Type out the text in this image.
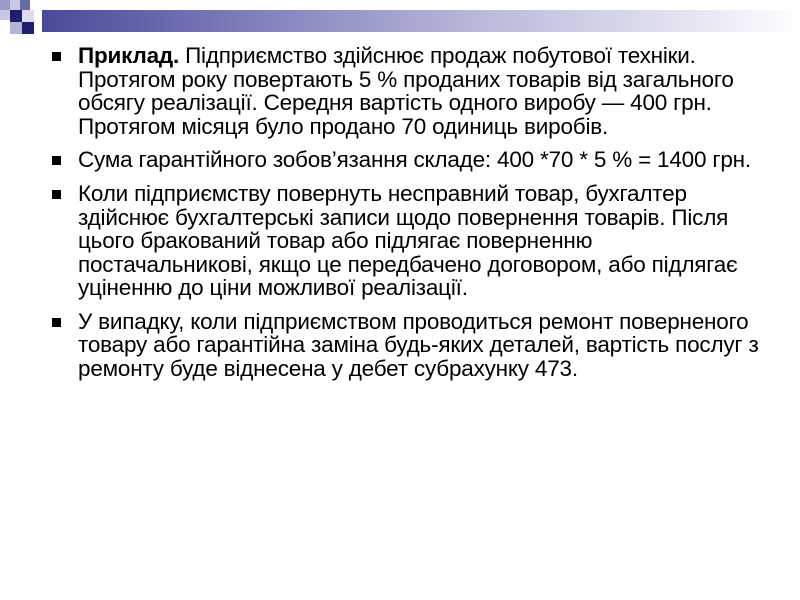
Приклад. Підприємство здійснює продаж побутової техніки. Протягом року повертають 5 % проданих товарів від загального обсягу реалізації. Середня вартість одного виробу — 400 грн. Протягом місяця було продано 70 одиниць виробів.
Сума гарантійного зобов’язання складе: 400 *70 * 5 % = 1400 грн.
Коли підприємству повернуть несправний товар, бухгалтер здійснює бухгалтерські записи щодо повернення товарів. Після цього бракований товар або підлягає поверненню постачальникові, якщо це передбачено договором, або підлягає уціненню до ціни можливої реалізації.
У випадку, коли підприємством проводиться ремонт повернeного товару або гарантійна заміна будь-яких деталей, вартість послуг з ремонту буде віднесена у дебет субрахунку 473.
